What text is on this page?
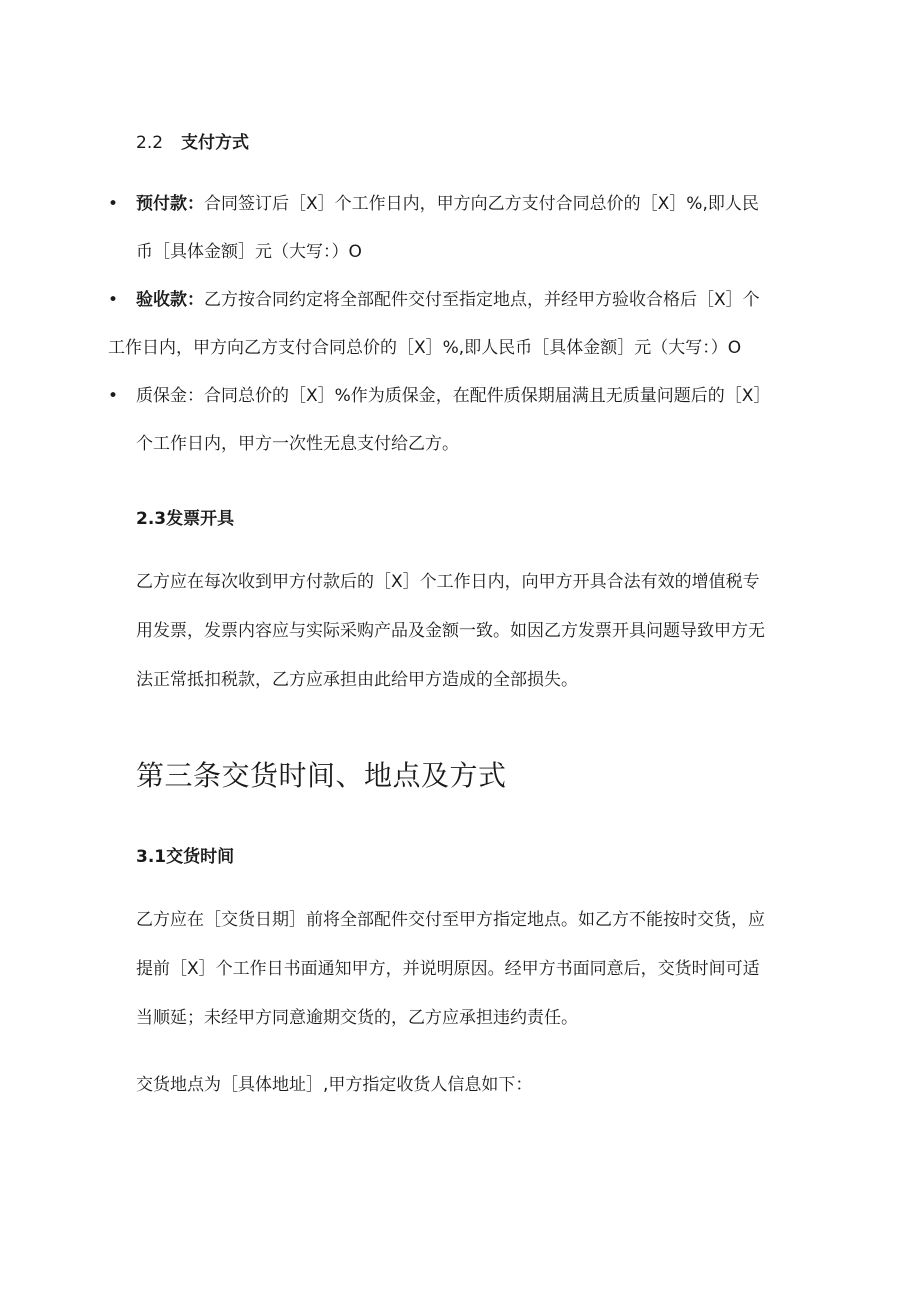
2.2 支付方式
• 预付款：合同签订后［X］个工作日内，甲方向乙方支付合同总价的［X］%,即人民
币［具体金额］元（大写：）O
• 验收款：乙方按合同约定将全部配件交付至指定地点，并经甲方验收合格后［X］个
工作日内，甲方向乙方支付合同总价的［X］%,即人民币［具体金额］元（大写：）O
• 质保金：合同总价的［X］%作为质保金，在配件质保期届满且无质量问题后的［X］
个工作日内，甲方一次性无息支付给乙方。
2.3发票开具
乙方应在每次收到甲方付款后的［X］个工作日内，向甲方开具合法有效的增值税专
用发票，发票内容应与实际采购产品及金额一致。如因乙方发票开具问题导致甲方无
法正常抵扣税款，乙方应承担由此给甲方造成的全部损失。
第三条交货时间、地点及方式
3.1交货时间
乙方应在［交货日期］前将全部配件交付至甲方指定地点。如乙方不能按时交货，应
提前［X］个工作日书面通知甲方，并说明原因。经甲方书面同意后，交货时间可适
当顺延；未经甲方同意逾期交货的，乙方应承担违约责任。
交货地点为［具体地址］,甲方指定收货人信息如下：
